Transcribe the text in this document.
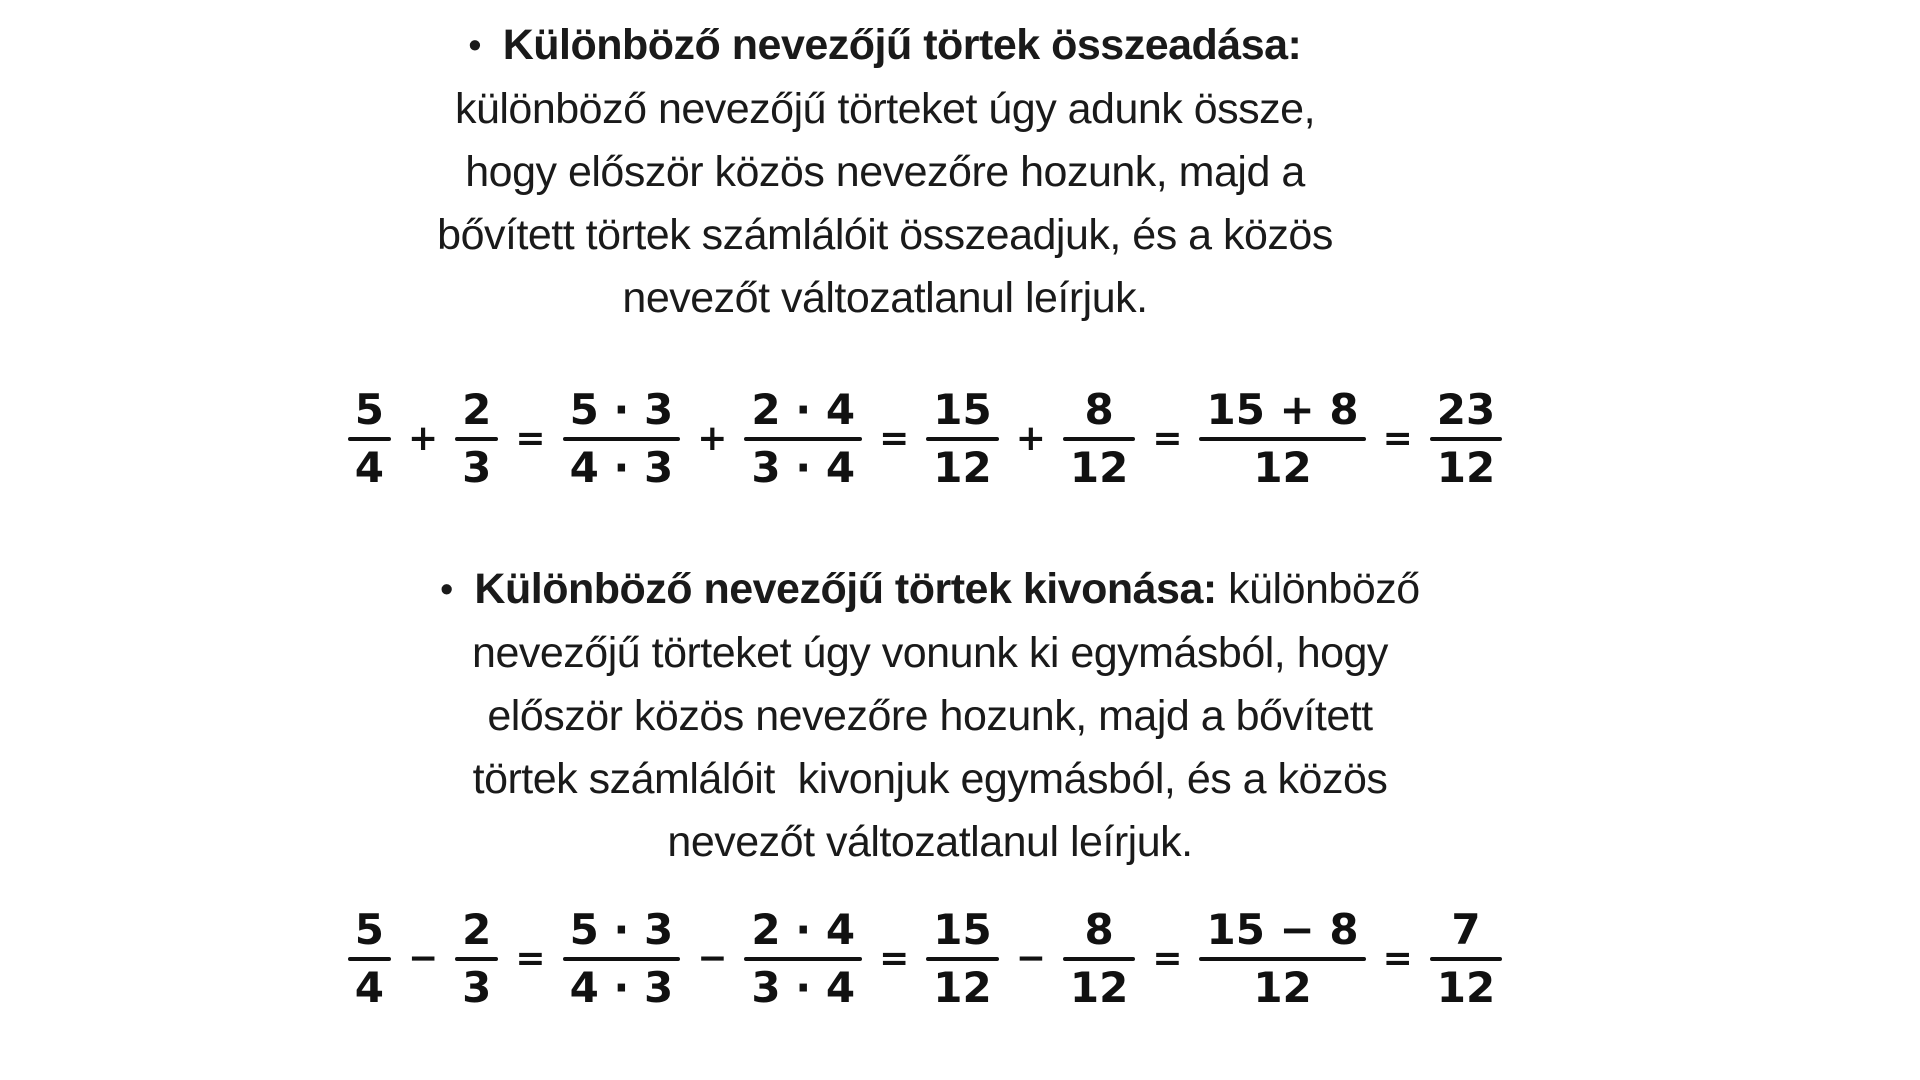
• Különböző nevezőjű törtek összeadása:
különböző nevezőjű törteket úgy adunk össze,
hogy először közös nevezőre hozunk, majd a
bővített törtek számlálóit összeadjuk, és a közös
nevezőt változatlanul leírjuk.
$\frac{5}{4} + \frac{2}{3} = \frac{5 \cdot 3}{4 \cdot 3} + \frac{2 \cdot 4}{3 \cdot 4} = \frac{15}{12} + \frac{8}{12} = \frac{15 + 8}{12} = \frac{23}{12}$
• Különböző nevezőjű törtek kivonása: különböző
nevezőjű törteket úgy vonunk ki egymásból, hogy
először közös nevezőre hozunk, majd a bővített
törtek számlálóit  kivonjuk egymásból, és a közös
nevezőt változatlanul leírjuk.
$\frac{5}{4} - \frac{2}{3} = \frac{5 \cdot 3}{4 \cdot 3} - \frac{2 \cdot 4}{3 \cdot 4} = \frac{15}{12} - \frac{8}{12} = \frac{15 - 8}{12} = \frac{7}{12}$
